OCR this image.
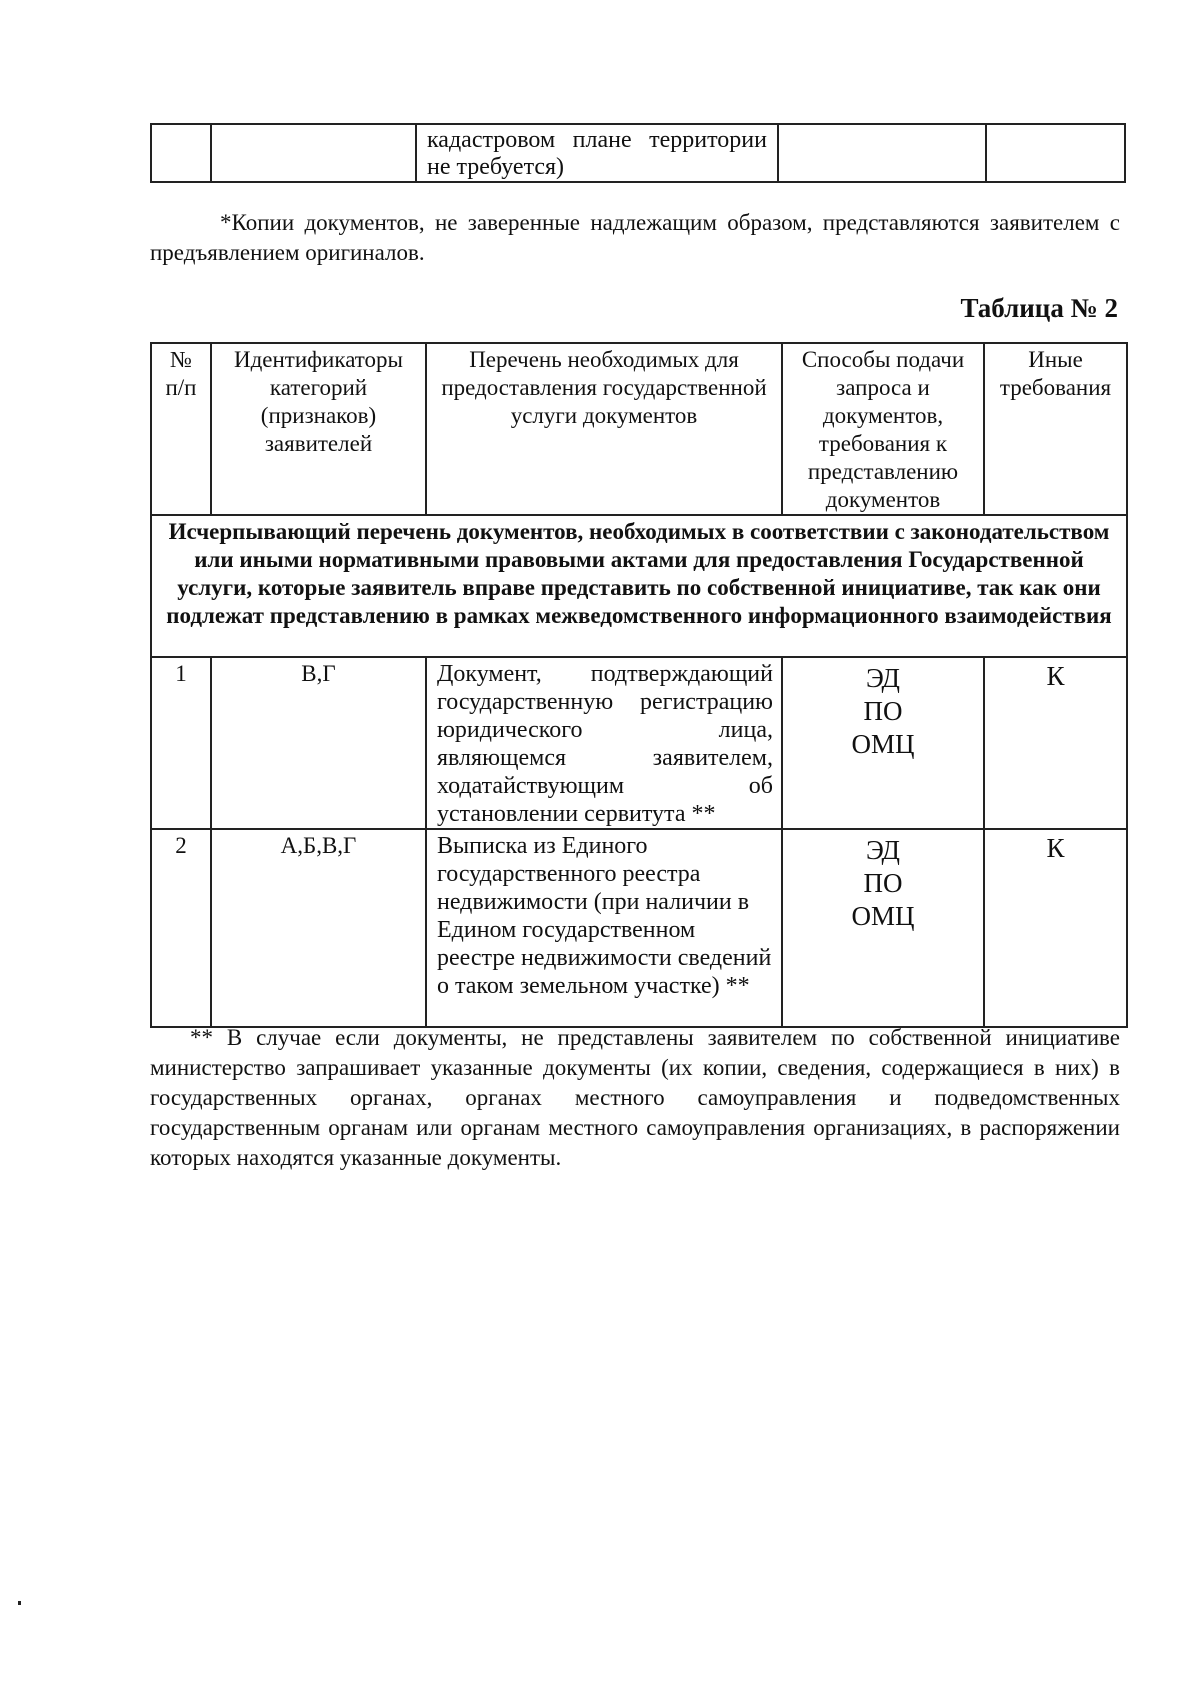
кадастровом плане территории не требуется)

*Копии документов, не заверенные надлежащим образом, представляются заявителем с предъявлением оригиналов.
Таблица № 2
№ п/п	Идентификаторы категорий (признаков) заявителей	Перечень необходимых для предоставления государственной услуги документов	Способы подачи запроса и документов, требования к представлению документов	Иные требования

Исчерпывающий перечень документов, необходимых в соответствии с законодательством или иными нормативными правовыми актами для предоставления Государственной услуги, которые заявитель вправе представить по собственной инициативе, так как они подлежат представлению в рамках межведомственного информационного взаимодействия				

1	В,Г	Документ, подтверждающий государственную регистрацию юридического лица, являющемся заявителем, ходатайствующим об установлении сервитута **	ЭД
ПО
ОМЦ	К

2	А,Б,В,Г	Выписка из Единого государственного реестра недвижимости (при наличии в Едином государственном реестре недвижимости сведений о таком земельном участке) **	ЭД
ПО
ОМЦ	К
** В случае если документы, не представлены заявителем по собственной инициативе министерство запрашивает указанные документы (их копии, сведения, содержащиеся в них) в государственных органах, органах местного самоуправления и подведомственных государственным органам или органам местного самоуправления организациях, в распоряжении которых находятся указанные документы.
